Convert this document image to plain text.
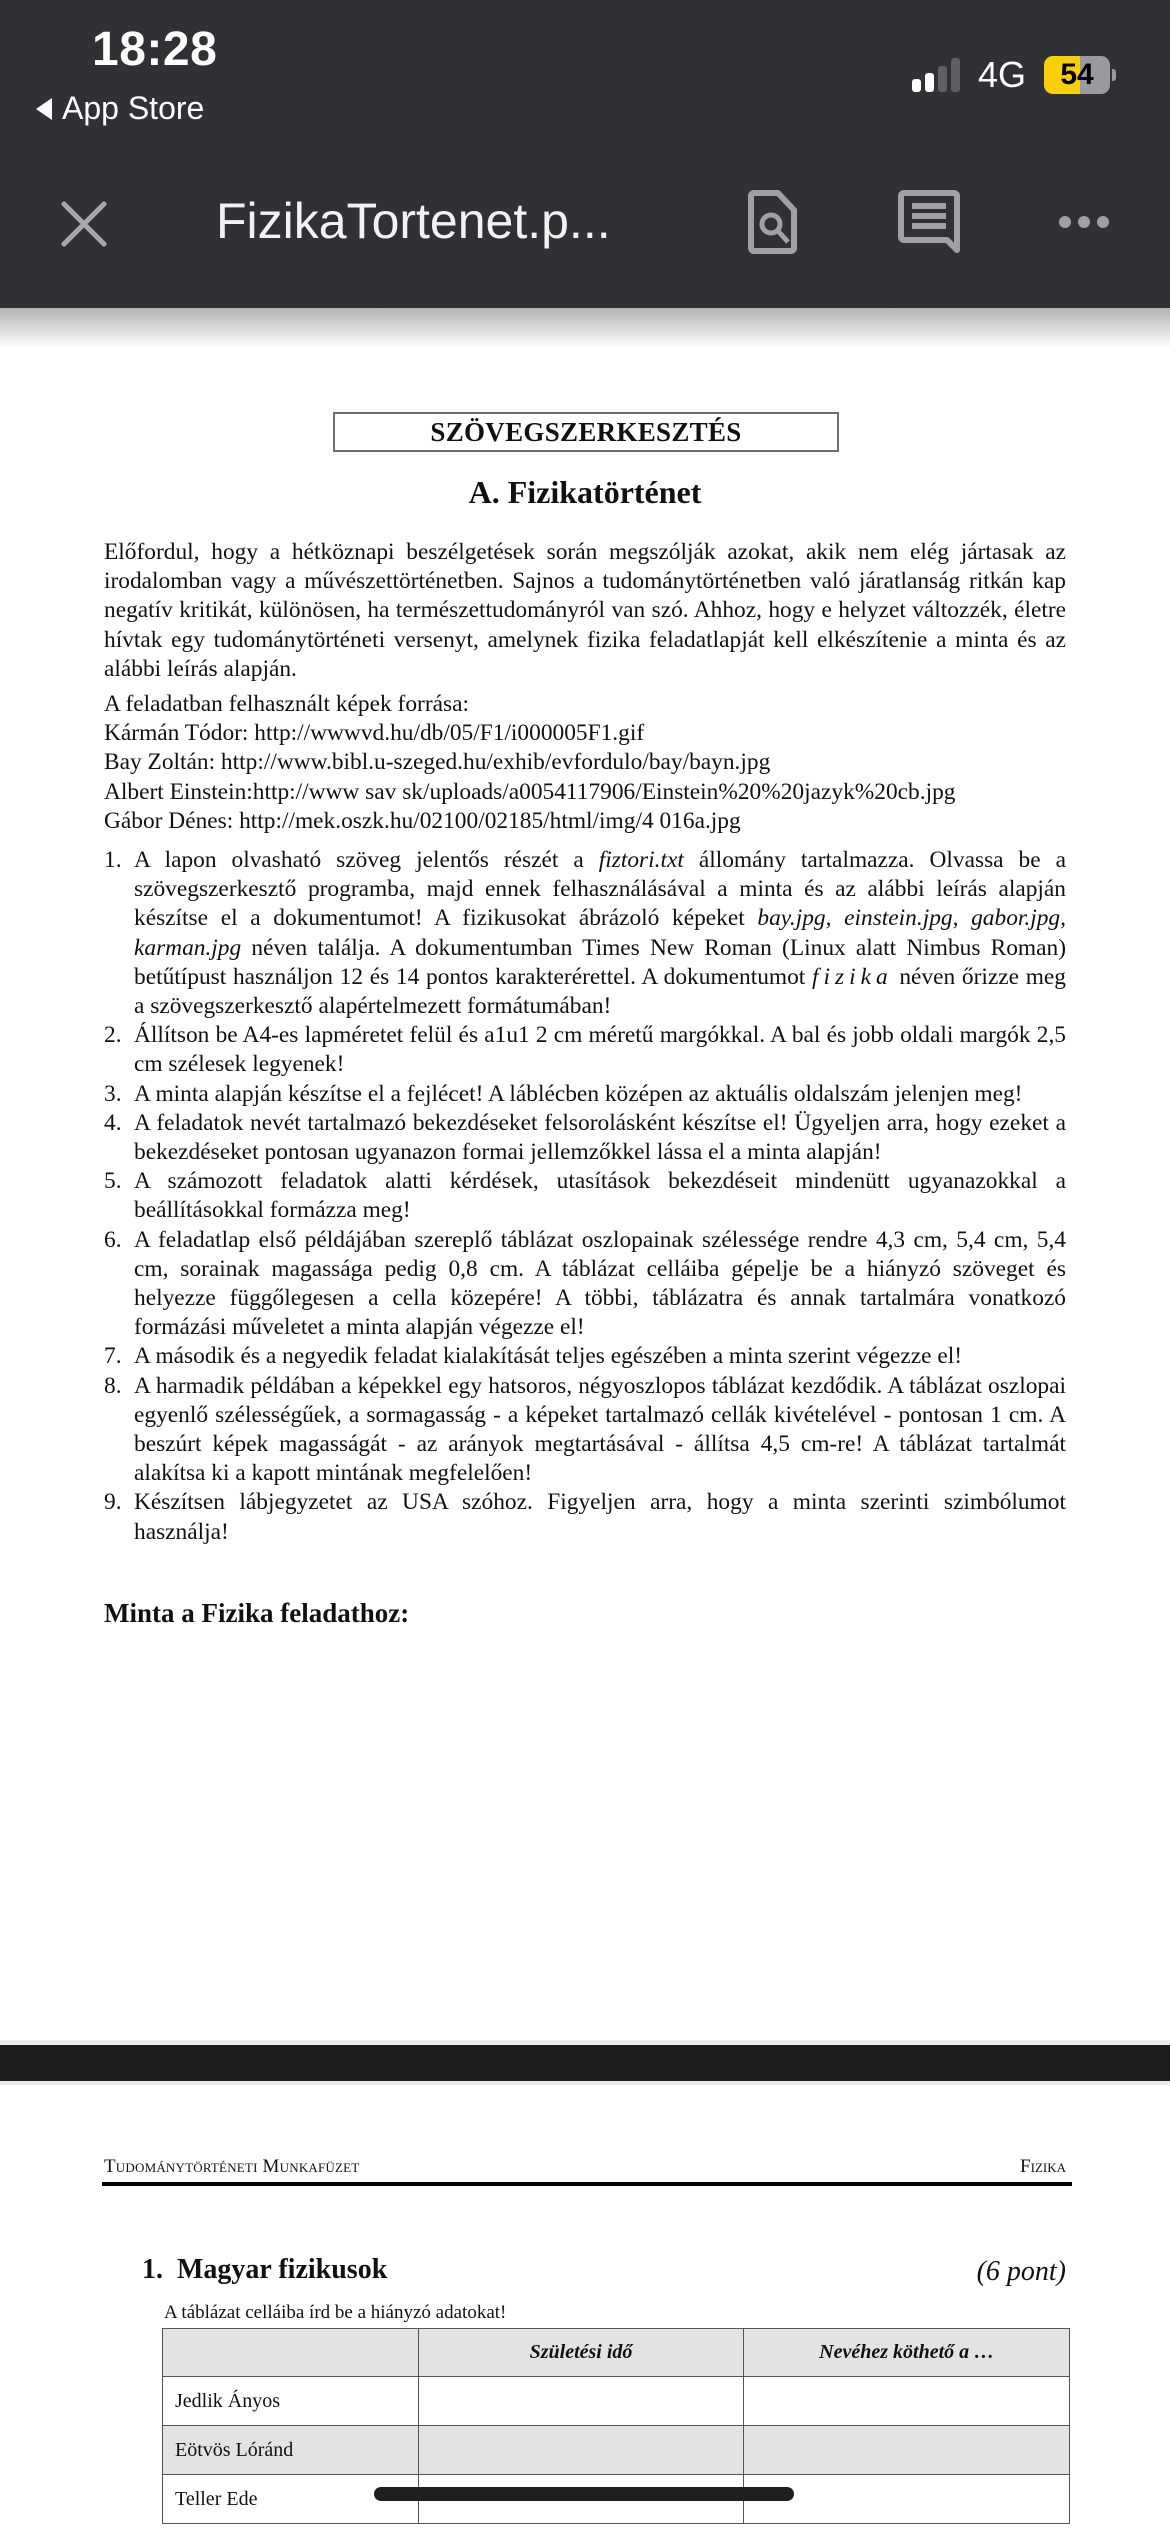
18:28
App Store
4G	54
FizikaTortenet.p...
SZÖVEGSZERKESZTÉS
A. Fizikatörténet

Előfordul, hogy a hétköznapi beszélgetések során megszólják azokat, akik nem elég jártasak az irodalomban vagy a művészettörténetben. Sajnos a tudománytörténetben való járatlanság ritkán kap negatív kritikát, különösen, ha természettudományról van szó. Ahhoz, hogy e helyzet változzék, életre hívtak egy tudománytörténeti versenyt, amelynek fizika feladatlapját kell elkészítenie a minta és az alábbi leírás alapján.

A feladatban felhasznált képek forrása:
Kármán Tódor: http://wwwvd.hu/db/05/F1/i000005F1.gif
Bay Zoltán: http://www.bibl.u-szeged.hu/exhib/evfordulo/bay/bayn.jpg
Albert Einstein:http://www sav sk/uploads/a0054117906/Einstein%20%20jazyk%20cb.jpg
Gábor Dénes: http://mek.oszk.hu/02100/02185/html/img/4 016a.jpg
1. A lapon olvasható szöveg jelentős részét a fiztori.txt állomány tartalmazza. Olvassa be a szövegszerkesztő programba, majd ennek felhasználásával a minta és az alábbi leírás alapján készítse el a dokumentumot! A fizikusokat ábrázoló képeket bay.jpg, einstein.jpg, gabor.jpg, karman.jpg néven találja. A dokumentumban Times New Roman (Linux alatt Nimbus Roman) betűtípust használjon 12 és 14 pontos karakterérettel. A dokumentumot fizika néven őrizze meg a szövegszerkesztő alapértelmezett formátumában!
2. Állítson be A4-es lapméretet felül és a1u1 2 cm méretű margókkal. A bal és jobb oldali margók 2,5 cm szélesek legyenek!
3. A minta alapján készítse el a fejlécet! A láblécben középen az aktuális oldalszám jelenjen meg!
4. A feladatok nevét tartalmazó bekezdéseket felsorolásként készítse el! Ügyeljen arra, hogy ezeket a bekezdéseket pontosan ugyanazon formai jellemzőkkel lássa el a minta alapján!
5. A számozott feladatok alatti kérdések, utasítások bekezdéseit mindenütt ugyanazokkal a beállításokkal formázza meg!
6. A feladatlap első példájában szereplő táblázat oszlopainak szélessége rendre 4,3 cm, 5,4 cm, 5,4 cm, sorainak magassága pedig 0,8 cm. A táblázat celláiba gépelje be a hiányzó szöveget és helyezze függőlegesen a cella közepére! A többi, táblázatra és annak tartalmára vonatkozó formázási műveletet a minta alapján végezze el!
7. A második és a negyedik feladat kialakítását teljes egészében a minta szerint végezze el!
8. A harmadik példában a képekkel egy hatsoros, négyoszlopos táblázat kezdődik. A táblázat oszlopai egyenlő szélességűek, a sormagasság - a képeket tartalmazó cellák kivételével - pontosan 1 cm. A beszúrt képek magasságát - az arányok megtartásával - állítsa 4,5 cm-re! A táblázat tartalmát alakítsa ki a kapott mintának megfelelően!
9. Készítsen lábjegyzetet az USA szóhoz. Figyeljen arra, hogy a minta szerinti szimbólumot használja!
Minta a Fizika feladathoz:
Tudománytörténeti Munkafüzet	Fizika
1.  Magyar fizikusok	(6 pont)
A táblázat celláiba írd be a hiányzó adatokat!
	Születési idő	Nevéhez köthető a …
Jedlik Ányos		
Eötvös Lóránd		
Teller Ede		
